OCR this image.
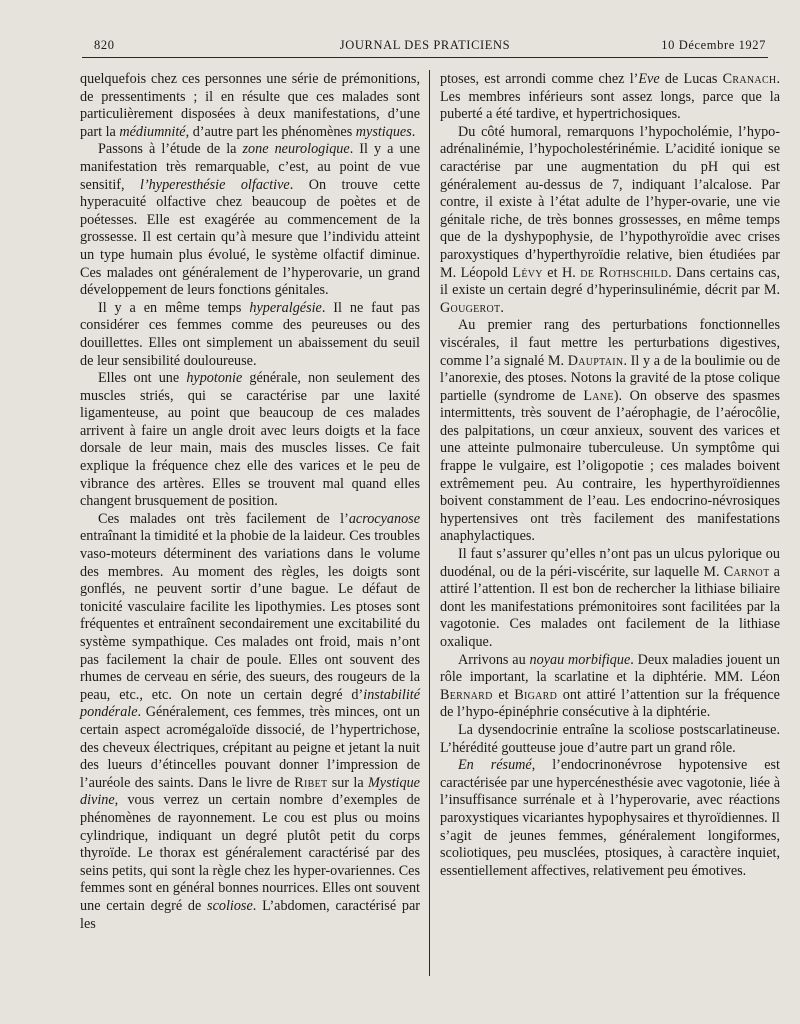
820	JOURNAL DES PRATICIENS	10 Décembre 1927

quelquefois chez ces personnes une série de prémonitions, de pressentiments ; il en résulte que ces malades sont particulièrement disposées à deux manifestations, d’une part la médiumnité, d’autre part les phénomènes mystiques.

Passons à l’étude de la zone neurologique. Il y a une manifestation très remarquable, c’est, au point de vue sensitif, l’hyperesthésie olfactive. On trouve cette hyperacuité olfactive chez beaucoup de poètes et de poétesses. Elle est exagérée au commencement de la grossesse. Il est certain qu’à mesure que l’individu atteint un type humain plus évolué, le système olfactif diminue. Ces malades ont généralement de l’hyperovarie, un grand développement de leurs fonctions génitales.

Il y a en même temps hyperalgésie. Il ne faut pas considérer ces femmes comme des peureuses ou des douillettes. Elles ont simplement un abaissement du seuil de leur sensibilité douloureuse.

Elles ont une hypotonie générale, non seulement des muscles striés, qui se caractérise par une laxité ligamenteuse, au point que beaucoup de ces malades arrivent à faire un angle droit avec leurs doigts et la face dorsale de leur main, mais des muscles lisses. Ce fait explique la fréquence chez elle des varices et le peu de vibrance des artères. Elles se trouvent mal quand elles changent brusquement de position.

Ces malades ont très facilement de l’acrocyanose entraînant la timidité et la phobie de la laideur. Ces troubles vaso-moteurs déterminent des variations dans le volume des membres. Au moment des règles, les doigts sont gonflés, ne peuvent sortir d’une bague. Le défaut de tonicité vasculaire facilite les lipothymies. Les ptoses sont fréquentes et entraînent secondairement une excitabilité du système sympathique. Ces malades ont froid, mais n’ont pas facilement la chair de poule. Elles ont souvent des rhumes de cerveau en série, des sueurs, des rougeurs de la peau, etc., etc. On note un certain degré d’instabilité pondérale. Généralement, ces femmes, très minces, ont un certain aspect acromégaloïde dissocié, de l’hypertrichose, des cheveux électriques, crépitant au peigne et jetant la nuit des lueurs d’étincelles pouvant donner l’impression de l’auréole des saints. Dans le livre de Ribet sur la Mystique divine, vous verrez un certain nombre d’exemples de phénomènes de rayonnement. Le cou est plus ou moins cylindrique, indiquant un degré plutôt petit du corps thyroïde. Le thorax est généralement caractérisé par des seins petits, qui sont la règle chez les hyper-ovariennes. Ces femmes sont en général bonnes nourrices. Elles ont souvent une certain degré de scoliose. L’abdomen, caractérisé par les

ptoses, est arrondi comme chez l’Eve de Lucas Cranach. Les membres inférieurs sont assez longs, parce que la puberté a été tardive, et hypertrichosiques.

Du côté humoral, remarquons l’hypocholémie, l’hypo-adrénalinémie, l’hypocholestérinémie. L’acidité ionique se caractérise par une augmentation du pH qui est généralement au-dessus de 7, indiquant l’alcalose. Par contre, il existe à l’état adulte de l’hyper-ovarie, une vie génitale riche, de très bonnes grossesses, en même temps que de la dyshypophysie, de l’hypothyroïdie avec crises paroxystiques d’hyperthyroïdie relative, bien étudiées par M. Léopold Lévy et H. de Rothschild. Dans certains cas, il existe un certain degré d’hyperinsulinémie, décrit par M. Gougerot.

Au premier rang des perturbations fonctionnelles viscérales, il faut mettre les perturbations digestives, comme l’a signalé M. Dauptain. Il y a de la boulimie ou de l’anorexie, des ptoses. Notons la gravité de la ptose colique partielle (syndrome de Lane). On observe des spasmes intermittents, très souvent de l’aérophagie, de l’aérocôlie, des palpitations, un cœur anxieux, souvent des varices et une atteinte pulmonaire tuberculeuse. Un symptôme qui frappe le vulgaire, est l’oligopotie ; ces malades boivent extrêmement peu. Au contraire, les hyperthyroïdiennes boivent constamment de l’eau. Les endocrino-névrosiques hypertensives ont très facilement des manifestations anaphylactiques.

Il faut s’assurer qu’elles n’ont pas un ulcus pylorique ou duodénal, ou de la péri-viscérite, sur laquelle M. Carnot a attiré l’attention. Il est bon de rechercher la lithiase biliaire dont les manifestations prémonitoires sont facilitées par la vagotonie. Ces malades ont facilement de la lithiase oxalique.

Arrivons au noyau morbifique. Deux maladies jouent un rôle important, la scarlatine et la diphtérie. MM. Léon Bernard et Bigard ont attiré l’attention sur la fréquence de l’hypo-épinéphrie consécutive à la diphtérie.

La dysendocrinie entraîne la scoliose postscarlatineuse. L’hérédité goutteuse joue d’autre part un grand rôle.

En résumé, l’endocrinonévrose hypotensive est caractérisée par une hypercénesthésie avec vagotonie, liée à l’insuffisance surrénale et à l’hyperovarie, avec réactions paroxystiques vicariantes hypophysaires et thyroïdiennes. Il s’agit de jeunes femmes, généralement longiformes, scoliotiques, peu musclées, ptosiques, à caractère inquiet, essentiellement affectives, relativement peu émotives.
